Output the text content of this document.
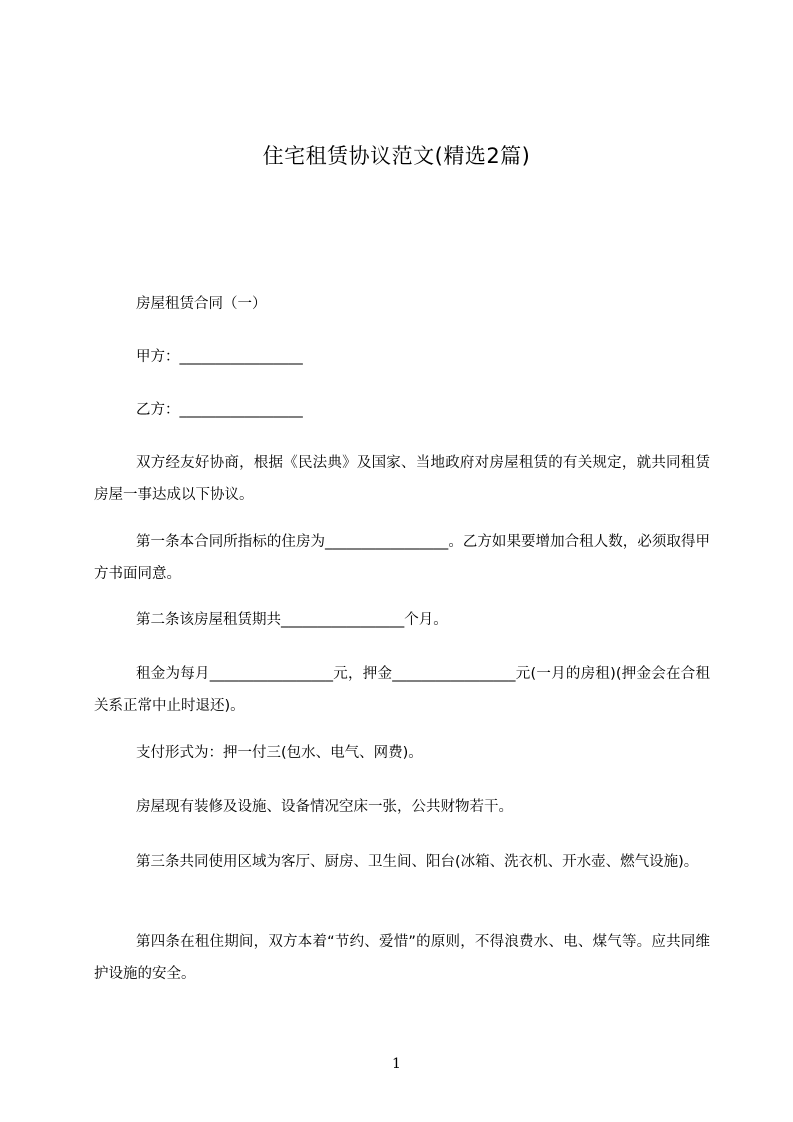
住宅租赁协议范文(精选2篇)
房屋租赁合同（一）
甲方：_________________
乙方：_________________
双方经友好协商，根据《民法典》及国家、当地政府对房屋租赁的有关规定，就共同租赁房屋一事达成以下协议。
第一条本合同所指标的住房为_________________。乙方如果要增加合租人数，必须取得甲方书面同意。
第二条该房屋租赁期共_________________个月。
租金为每月_________________元，押金_________________元(一月的房租)(押金会在合租关系正常中止时退还)。
支付形式为：押一付三(包水、电气、网费)。
房屋现有装修及设施、设备情况空床一张，公共财物若干。
第三条共同使用区域为客厅、厨房、卫生间、阳台(冰箱、洗衣机、开水壶、燃气设施)。
第四条在租住期间，双方本着“节约、爱惜”的原则，不得浪费水、电、煤气等。应共同维护设施的安全。
1
